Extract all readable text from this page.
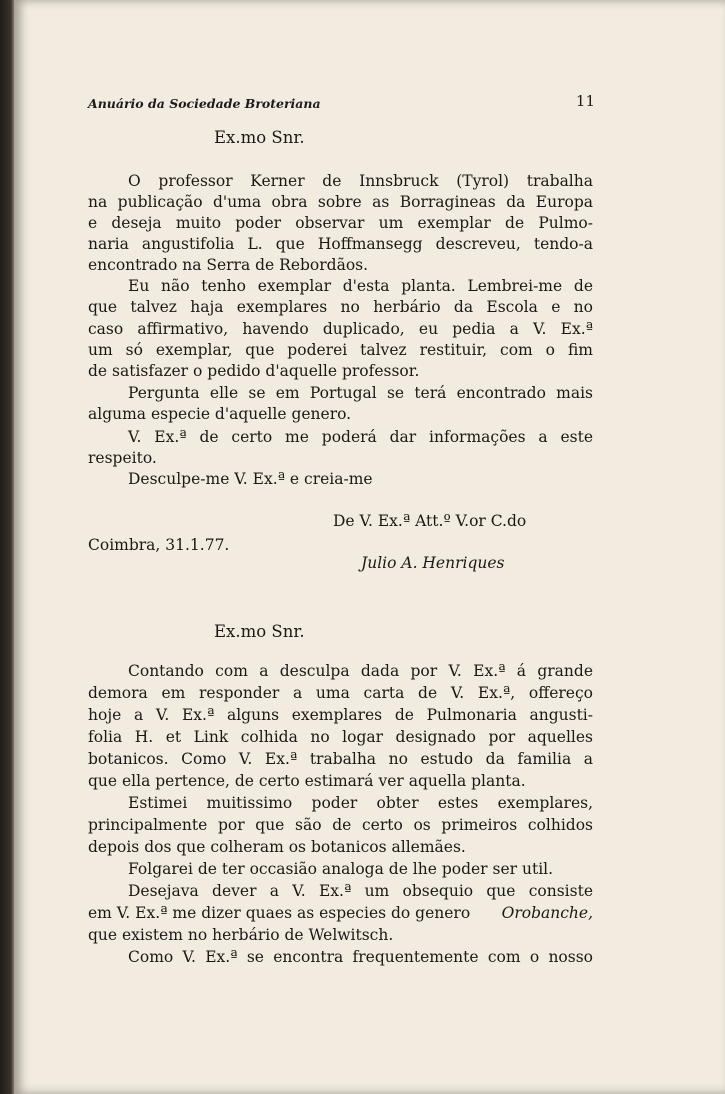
Anuário da Sociedade Broteriana	11
Ex.mo Snr.
O professor Kerner de Innsbruck (Tyrol) trabalha
na publicação d'uma obra sobre as Borragineas da Europa
e deseja muito poder observar um exemplar de Pulmo-
naria angustifolia L. que Hoffmansegg descreveu, tendo-a
encontrado na Serra de Rebordãos.
Eu não tenho exemplar d'esta planta. Lembrei-me de
que talvez haja exemplares no herbário da Escola e no
caso affirmativo, havendo duplicado, eu pedia a V. Ex.ª
um só exemplar, que poderei talvez restituir, com o fim
de satisfazer o pedido d'aquelle professor.
Pergunta elle se em Portugal se terá encontrado mais
alguma especie d'aquelle genero.
V. Ex.ª de certo me poderá dar informações a este
respeito.
Desculpe-me V. Ex.ª e creia-me
De V. Ex.ª Att.º V.or C.do
Coimbra, 31.1.77.
Julio A. Henriques
Ex.mo Snr.
Contando com a desculpa dada por V. Ex.ª á grande
demora em responder a uma carta de V. Ex.ª, offereço
hoje a V. Ex.ª alguns exemplares de Pulmonaria angusti-
folia H. et Link colhida no logar designado por aquelles
botanicos. Como V. Ex.ª trabalha no estudo da familia a
que ella pertence, de certo estimará ver aquella planta.
Estimei muitissimo poder obter estes exemplares,
principalmente por que são de certo os primeiros colhidos
depois dos que colheram os botanicos allemães.
Folgarei de ter occasião analoga de lhe poder ser util.
Desejava dever a V. Ex.ª um obsequio que consiste
em V. Ex.ª me dizer quaes as especies do genero Orobanche,
que existem no herbário de Welwitsch.
Como V. Ex.ª se encontra frequentemente com o nosso
